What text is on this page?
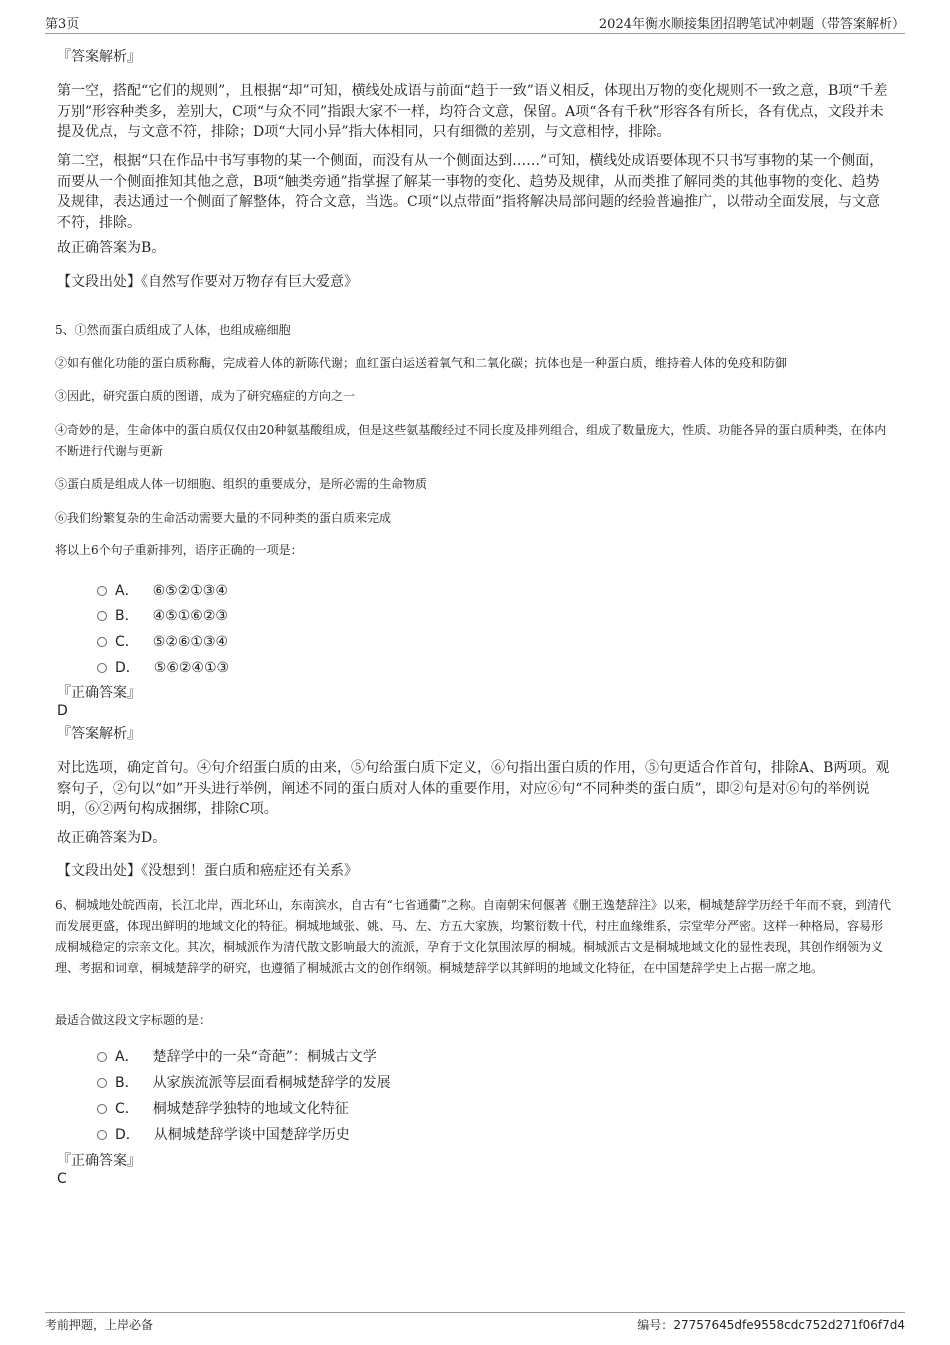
第3页	2024年衡水顺接集团招聘笔试冲刺题（带答案解析）
『答案解析』
第一空，搭配“它们的规则”，且根据“却”可知，横线处成语与前面“趋于一致”语义相反，体现出万物的变化规则不一致之意，B项“千差万别”形容种类多，差别大，C项“与众不同”指跟大家不一样，均符合文意，保留。A项“各有千秋”形容各有所长，各有优点，文段并未提及优点，与文意不符，排除；D项“大同小异”指大体相同，只有细微的差别，与文意相悖，排除。
第二空，根据“只在作品中书写事物的某一个侧面，而没有从一个侧面达到……”可知，横线处成语要体现不只书写事物的某一个侧面，而要从一个侧面推知其他之意，B项“触类旁通”指掌握了解某一事物的变化、趋势及规律，从而类推了解同类的其他事物的变化、趋势及规律，表达通过一个侧面了解整体，符合文意，当选。C项“以点带面”指将解决局部问题的经验普遍推广，以带动全面发展，与文意不符，排除。
故正确答案为B。
【文段出处】《自然写作要对万物存有巨大爱意》
5、①然而蛋白质组成了人体，也组成癌细胞
②如有催化功能的蛋白质称酶，完成着人体的新陈代谢；血红蛋白运送着氧气和二氧化碳；抗体也是一种蛋白质，维持着人体的免疫和防御
③因此，研究蛋白质的图谱，成为了研究癌症的方向之一
④奇妙的是，生命体中的蛋白质仅仅由20种氨基酸组成，但是这些氨基酸经过不同长度及排列组合，组成了数量庞大，性质、功能各异的蛋白质种类，在体内不断进行代谢与更新
⑤蛋白质是组成人体一切细胞、组织的重要成分，是所必需的生命物质
⑥我们纷繁复杂的生命活动需要大量的不同种类的蛋白质来完成
将以上6个句子重新排列，语序正确的一项是：
A． ⑥⑤②①③④
B． ④⑤①⑥②③
C． ⑤②⑥①③④
D． ⑤⑥②④①③
『正确答案』
D
『答案解析』
对比选项，确定首句。④句介绍蛋白质的由来，⑤句给蛋白质下定义，⑥句指出蛋白质的作用，⑤句更适合作首句，排除A、B两项。观察句子，②句以“如”开头进行举例，阐述不同的蛋白质对人体的重要作用，对应⑥句“不同种类的蛋白质”，即②句是对⑥句的举例说明，⑥②两句构成捆绑，排除C项。
故正确答案为D。
【文段出处】《没想到！蛋白质和癌症还有关系》
6、桐城地处皖西南，长江北岸，西北环山，东南滨水，自古有“七省通衢”之称。自南朝宋何偃著《删王逸楚辞注》以来，桐城楚辞学历经千年而不衰，到清代而发展更盛，体现出鲜明的地域文化的特征。桐城地域张、姚、马、左、方五大家族，均繁衍数十代，村庄血缘维系，宗堂荦分严密。这样一种格局，容易形成桐城稳定的宗亲文化。其次，桐城派作为清代散文影响最大的流派，孕育于文化氛围浓厚的桐城。桐城派古文是桐城地域文化的显性表现，其创作纲领为义理、考据和词章，桐城楚辞学的研究，也遵循了桐城派古文的创作纲领。桐城楚辞学以其鲜明的地域文化特征，在中国楚辞学史上占据一席之地。
最适合做这段文字标题的是：
A． 楚辞学中的一朵“奇葩”：桐城古文学
B． 从家族流派等层面看桐城楚辞学的发展
C． 桐城楚辞学独特的地域文化特征
D． 从桐城楚辞学谈中国楚辞学历史
『正确答案』
C
考前押题，上岸必备	编号：27757645dfe9558cdc752d271f06f7d4
